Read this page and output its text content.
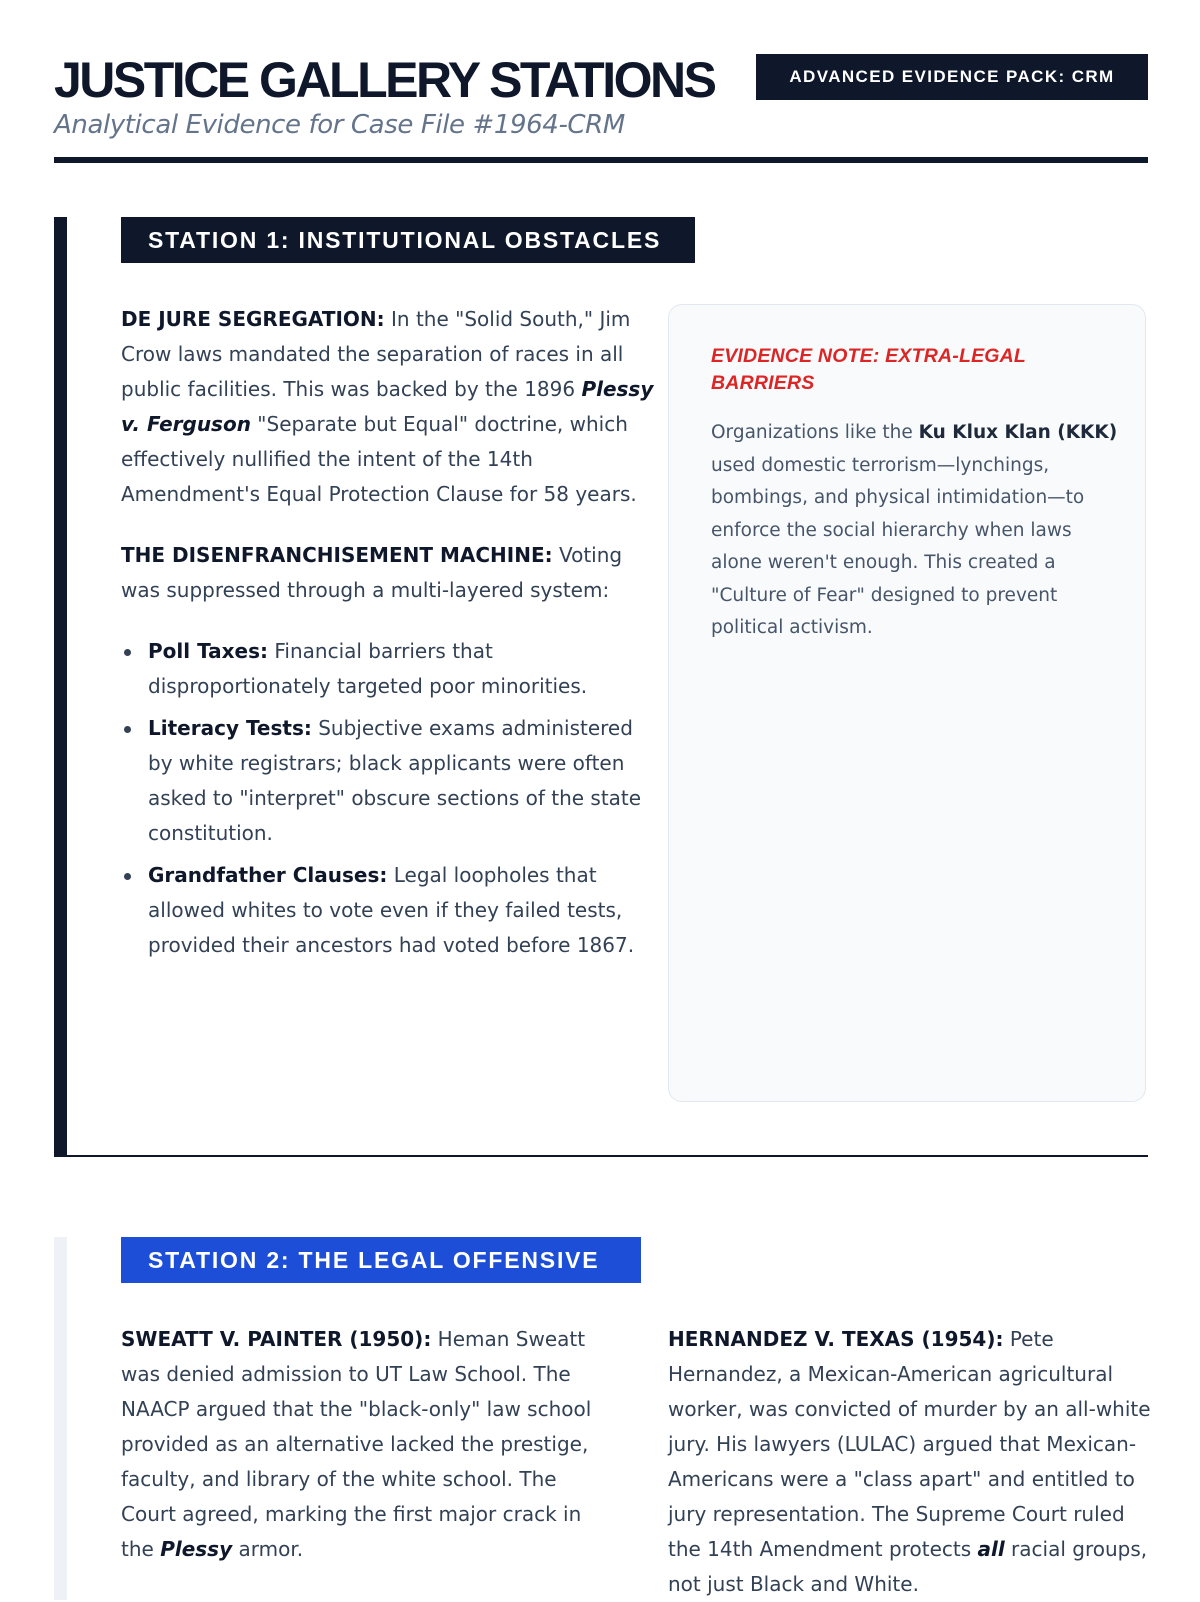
JUSTICE GALLERY STATIONS
Analytical Evidence for Case File #1964-CRM
ADVANCED EVIDENCE PACK: CRM
STATION 1: INSTITUTIONAL OBSTACLES

DE JURE SEGREGATION: In the "Solid South," Jim Crow laws mandated the separation of races in all public facilities. This was backed by the 1896 Plessy v. Ferguson "Separate but Equal" doctrine, which effectively nullified the intent of the 14th Amendment's Equal Protection Clause for 58 years.

THE DISENFRANCHISEMENT MACHINE: Voting was suppressed through a multi-layered system:

Poll Taxes: Financial barriers that disproportionately targeted poor minorities.
Literacy Tests: Subjective exams administered by white registrars; black applicants were often asked to "interpret" obscure sections of the state constitution.
Grandfather Clauses: Legal loopholes that allowed whites to vote even if they failed tests, provided their ancestors had voted before 1867.
EVIDENCE NOTE: EXTRA-LEGAL BARRIERS
Organizations like the Ku Klux Klan (KKK) used domestic terrorism—lynchings, bombings, and physical intimidation—to enforce the social hierarchy when laws alone weren't enough. This created a "Culture of Fear" designed to prevent political activism.
STATION 2: THE LEGAL OFFENSIVE

SWEATT V. PAINTER (1950): Heman Sweatt was denied admission to UT Law School. The NAACP argued that the "black-only" law school provided as an alternative lacked the prestige, faculty, and library of the white school. The Court agreed, marking the first major crack in the Plessy armor.

HERNANDEZ V. TEXAS (1954): Pete Hernandez, a Mexican-American agricultural worker, was convicted of murder by an all-white jury. His lawyers (LULAC) argued that Mexican-Americans were a "class apart" and entitled to jury representation. The Supreme Court ruled the 14th Amendment protects all racial groups, not just Black and White.
